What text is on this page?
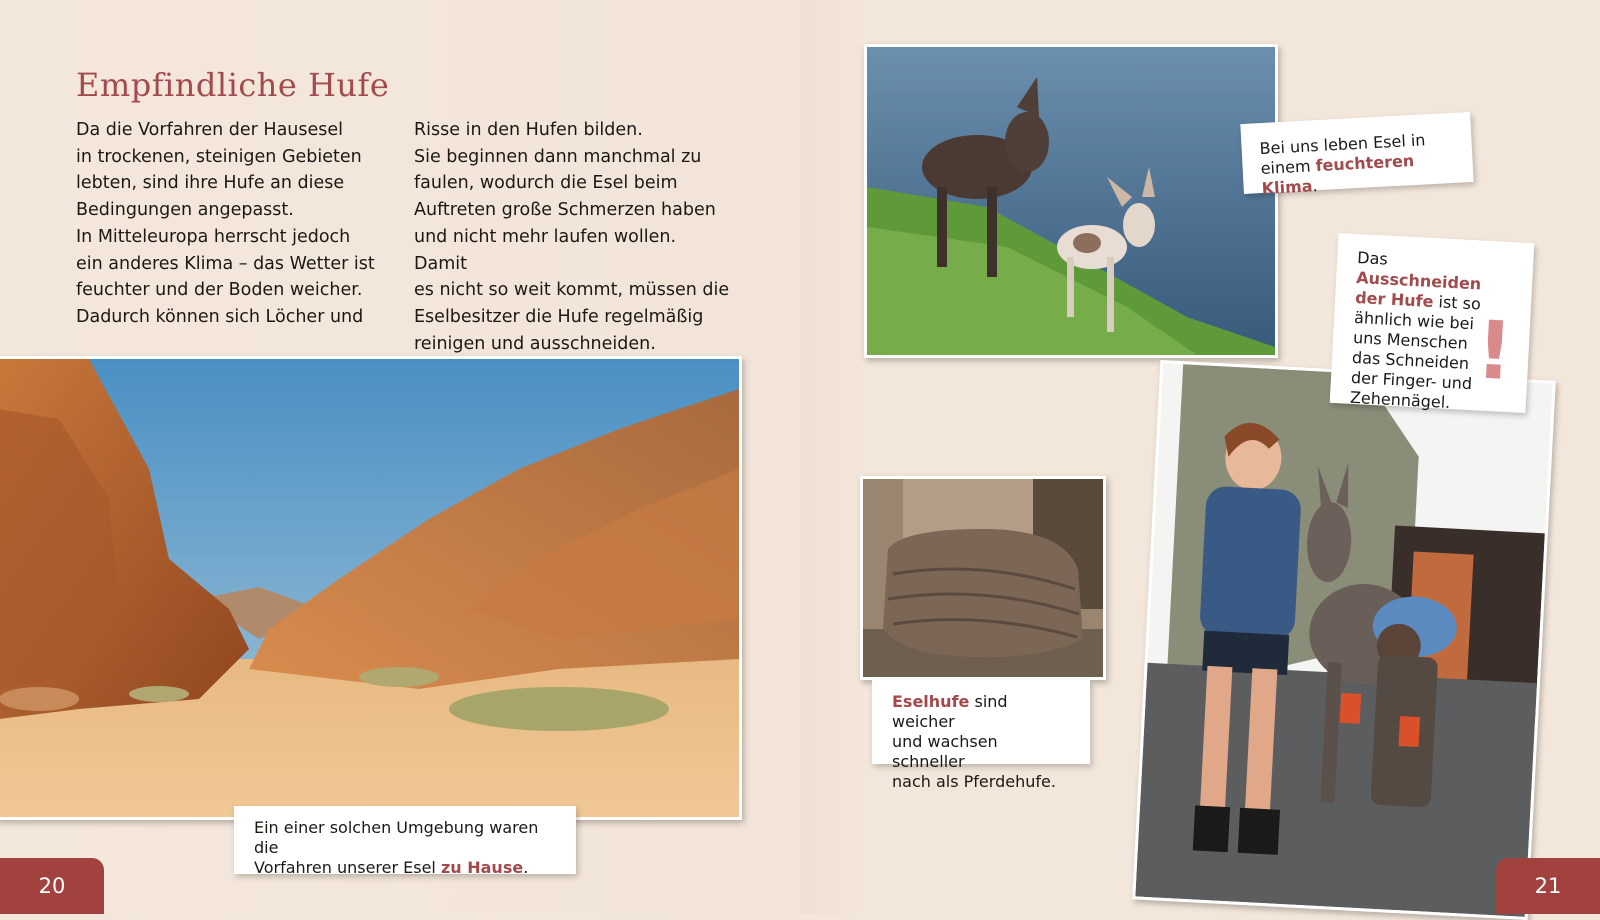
Empfindliche Hufe

Da die Vorfahren der Hausesel

in trockenen, steinigen Gebieten

lebten, sind ihre Hufe an diese

Bedingungen angepasst.

In Mitteleuropa herrscht jedoch

ein anderes Klima – das Wetter ist

feuchter und der Boden weicher.

Dadurch können sich Löcher und

Risse in den Hufen bilden.

Sie beginnen dann manchmal zu

faulen, wodurch die Esel beim

Auftreten große Schmerzen haben

und nicht mehr laufen wollen. Damit

es nicht so weit kommt, müssen die

Eselbesitzer die Hufe regelmäßig

reinigen und ausschneiden.

Ein einer solchen Umgebung waren die
Vorfahren unserer Esel zu Hause.
20
Bei uns leben Esel in
einem feuchteren Klima.
Eselhufe sind weicher
und wachsen schneller
nach als Pferdehufe.
Das Ausschneiden
der Hufe ist so
ähnlich wie bei
uns Menschen
das Schneiden
der Finger- und
Zehennägel.
!
21
